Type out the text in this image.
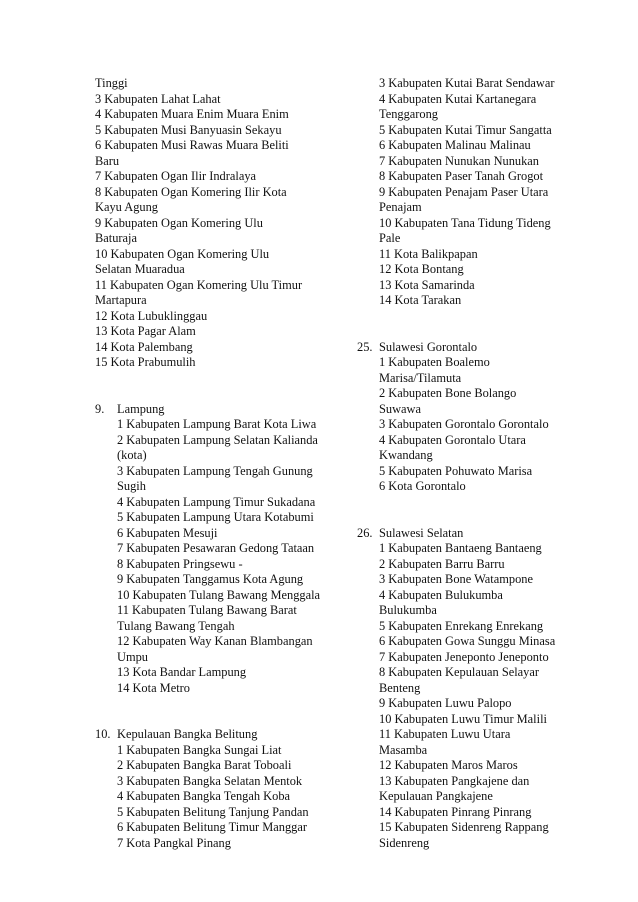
Tinggi
3 Kabupaten Lahat Lahat
4 Kabupaten Muara Enim Muara Enim
5 Kabupaten Musi Banyuasin Sekayu
6 Kabupaten Musi Rawas Muara Beliti
Baru
7 Kabupaten Ogan Ilir Indralaya
8 Kabupaten Ogan Komering Ilir Kota
Kayu Agung
9 Kabupaten Ogan Komering Ulu
Baturaja
10 Kabupaten Ogan Komering Ulu
Selatan Muaradua
11 Kabupaten Ogan Komering Ulu Timur
Martapura
12 Kota Lubuklinggau
13 Kota Pagar Alam
14 Kota Palembang
15 Kota Prabumulih
9.	Lampung
1 Kabupaten Lampung Barat Kota Liwa
2 Kabupaten Lampung Selatan Kalianda
(kota)
3 Kabupaten Lampung Tengah Gunung
Sugih
4 Kabupaten Lampung Timur Sukadana
5 Kabupaten Lampung Utara Kotabumi
6 Kabupaten Mesuji
7 Kabupaten Pesawaran Gedong Tataan
8 Kabupaten Pringsewu -
9 Kabupaten Tanggamus Kota Agung
10 Kabupaten Tulang Bawang Menggala
11 Kabupaten Tulang Bawang Barat
Tulang Bawang Tengah
12 Kabupaten Way Kanan Blambangan
Umpu
13 Kota Bandar Lampung
14 Kota Metro
10. Kepulauan Bangka Belitung
1 Kabupaten Bangka Sungai Liat
2 Kabupaten Bangka Barat Toboali
3 Kabupaten Bangka Selatan Mentok
4 Kabupaten Bangka Tengah Koba
5 Kabupaten Belitung Tanjung Pandan
6 Kabupaten Belitung Timur Manggar
7 Kota Pangkal Pinang
3 Kabupaten Kutai Barat Sendawar
4 Kabupaten Kutai Kartanegara
Tenggarong
5 Kabupaten Kutai Timur Sangatta
6 Kabupaten Malinau Malinau
7 Kabupaten Nunukan Nunukan
8 Kabupaten Paser Tanah Grogot
9 Kabupaten Penajam Paser Utara
Penajam
10 Kabupaten Tana Tidung Tideng
Pale
11 Kota Balikpapan
12 Kota Bontang
13 Kota Samarinda
14 Kota Tarakan
25. Sulawesi Gorontalo
1 Kabupaten Boalemo
Marisa/Tilamuta
2 Kabupaten Bone Bolango
Suwawa
3 Kabupaten Gorontalo Gorontalo
4 Kabupaten Gorontalo Utara
Kwandang
5 Kabupaten Pohuwato Marisa
6 Kota Gorontalo
26. Sulawesi Selatan
1 Kabupaten Bantaeng Bantaeng
2 Kabupaten Barru Barru
3 Kabupaten Bone Watampone
4 Kabupaten Bulukumba
Bulukumba
5 Kabupaten Enrekang Enrekang
6 Kabupaten Gowa Sunggu Minasa
7 Kabupaten Jeneponto Jeneponto
8 Kabupaten Kepulauan Selayar
Benteng
9 Kabupaten Luwu Palopo
10 Kabupaten Luwu Timur Malili
11 Kabupaten Luwu Utara
Masamba
12 Kabupaten Maros Maros
13 Kabupaten Pangkajene dan
Kepulauan Pangkajene
14 Kabupaten Pinrang Pinrang
15 Kabupaten Sidenreng Rappang
Sidenreng
